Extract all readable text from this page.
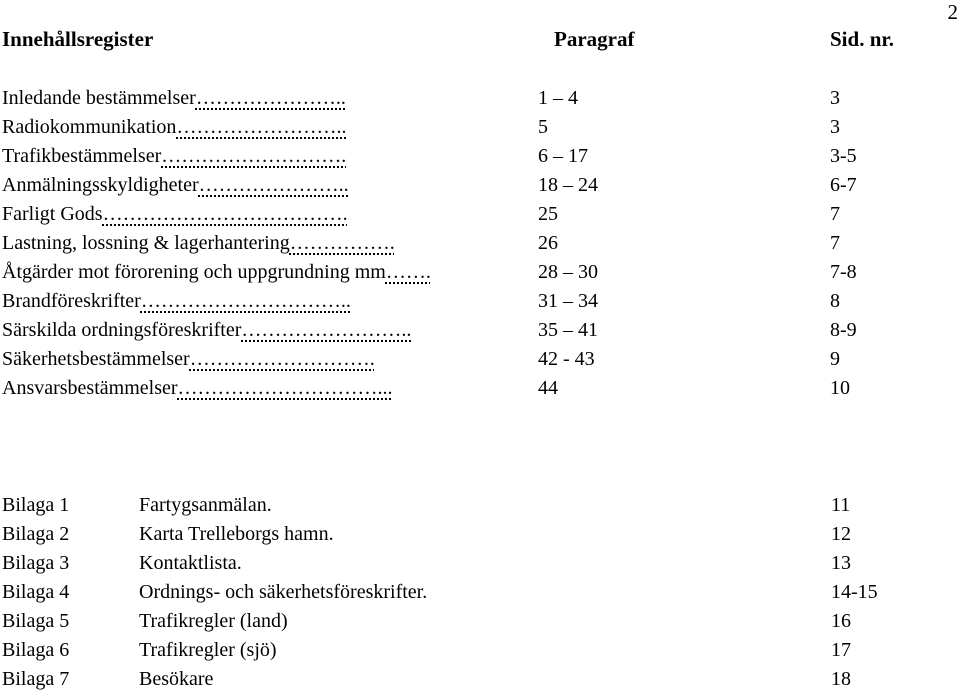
2
Innehållsregister	Paragraf	Sid. nr.
Inledande bestämmelser…………………..	1 – 4	3
Radiokommunikation……………………..	5	3
Trafikbestämmelser……………………….	6 – 17	3-5
Anmälningsskyldigheter…………………..	18 – 24	6-7
Farligt Gods……………………………….	25	7
Lastning, lossning & lagerhantering…………….	26	7
Åtgärder mot förorening och uppgrundning mm…….	28 – 30	7-8
Brandföreskrifter…………………………..	31 – 34	8
Särskilda ordningsföreskrifter……………………..	35 – 41	8-9
Säkerhetsbestämmelser……………………….	42 - 43	9
Ansvarsbestämmelser…………………………...	44	10
Bilaga 1	Fartygsanmälan.	11
Bilaga 2	Karta Trelleborgs hamn.	12
Bilaga 3	Kontaktlista.	13
Bilaga 4	Ordnings- och säkerhetsföreskrifter.	14-15
Bilaga 5	Trafikregler (land)	16
Bilaga 6	Trafikregler (sjö)	17
Bilaga 7	Besökare	18
